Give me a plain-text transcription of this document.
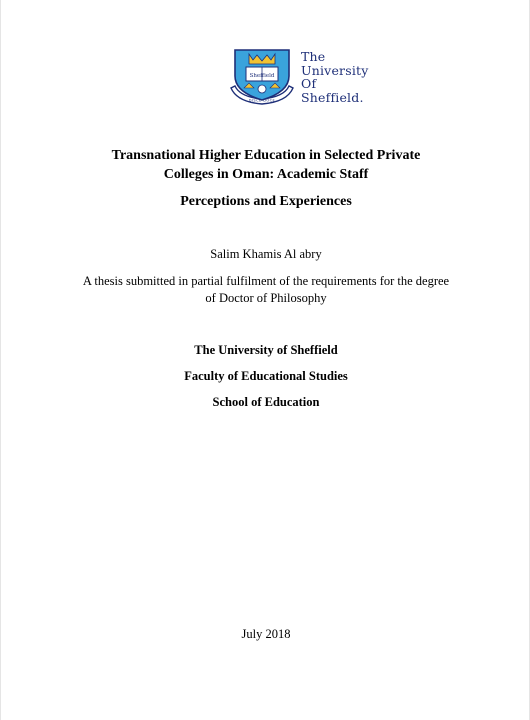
Sheffield
DISCE DOCE
The
University
Of
Sheffield.
Transnational Higher Education in Selected Private
Colleges in Oman: Academic Staff
Perceptions and Experiences
Salim Khamis Al abry
A thesis submitted in partial fulfilment of the requirements for the degree
of Doctor of Philosophy
The University of Sheffield
Faculty of Educational Studies
School of Education
July 2018
